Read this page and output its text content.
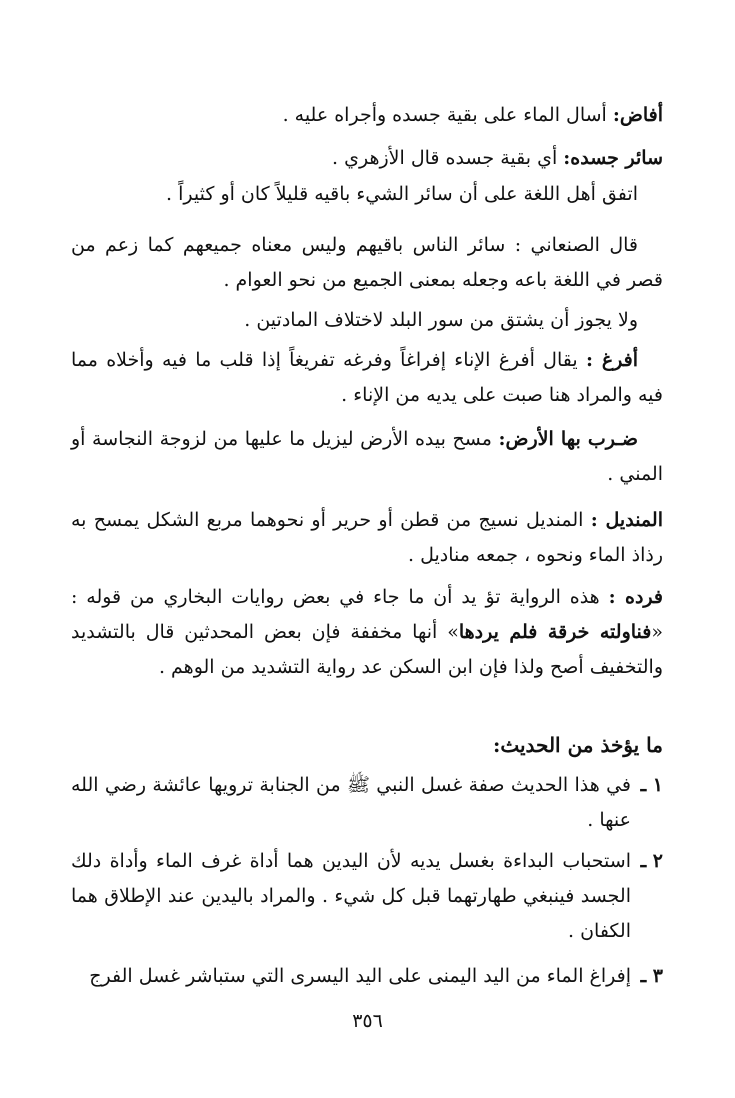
أفاض: أسال الماء على بقية جسده وأجراه عليه .

سائر جسده: أي بقية جسده قال الأزهري .

اتفق أهل اللغة على أن سائر الشيء باقيه قليلاً كان أو كثيراً .

قال الصنعاني : سائر الناس باقيهم وليس معناه جميعهم كما زعم من قصر في اللغة باعه وجعله بمعنى الجميع من نحو العوام .

ولا يجوز أن يشتق من سور البلد لاختلاف المادتين .

أفرغ : يقال أفرغ الإناء إفراغاً وفرغه تفريغاً إذا قلب ما فيه وأخلاه مما فيه والمراد هنا صبت على يديه من الإناء .

ضـرب بها الأرض: مسح بيده الأرض ليزيل ما عليها من لزوجة النجاسة أو المني .

المنديل : المنديل نسيج من قطن أو حرير أو نحوهما مربع الشكل يمسح به رذاذ الماء ونحوه ، جمعه مناديل .

فرده : هذه الرواية تؤ يد أن ما جاء في بعض روايات البخاري من قوله : «فناولته خرقة فلم يردها» أنها مخففة فإن بعض المحدثين قال بالتشديد والتخفيف أصح ولذا فإن ابن السكن عد رواية التشديد من الوهم .

ما يؤخذ من الحديث:
١ ـ
في هذا الحديث صفة غسل النبي ﷺ من الجنابة ترويها عائشة رضي الله عنها .
٢ ـ
استحباب البداءة بغسل يديه لأن اليدين هما أداة غرف الماء وأداة دلك الجسد فينبغي طهارتهما قبل كل شيء . والمراد باليدين عند الإطلاق هما الكفان .
٣ ـ
إفراغ الماء من اليد اليمنى على اليد اليسرى التي ستباشر غسل الفرج
٣٥٦
